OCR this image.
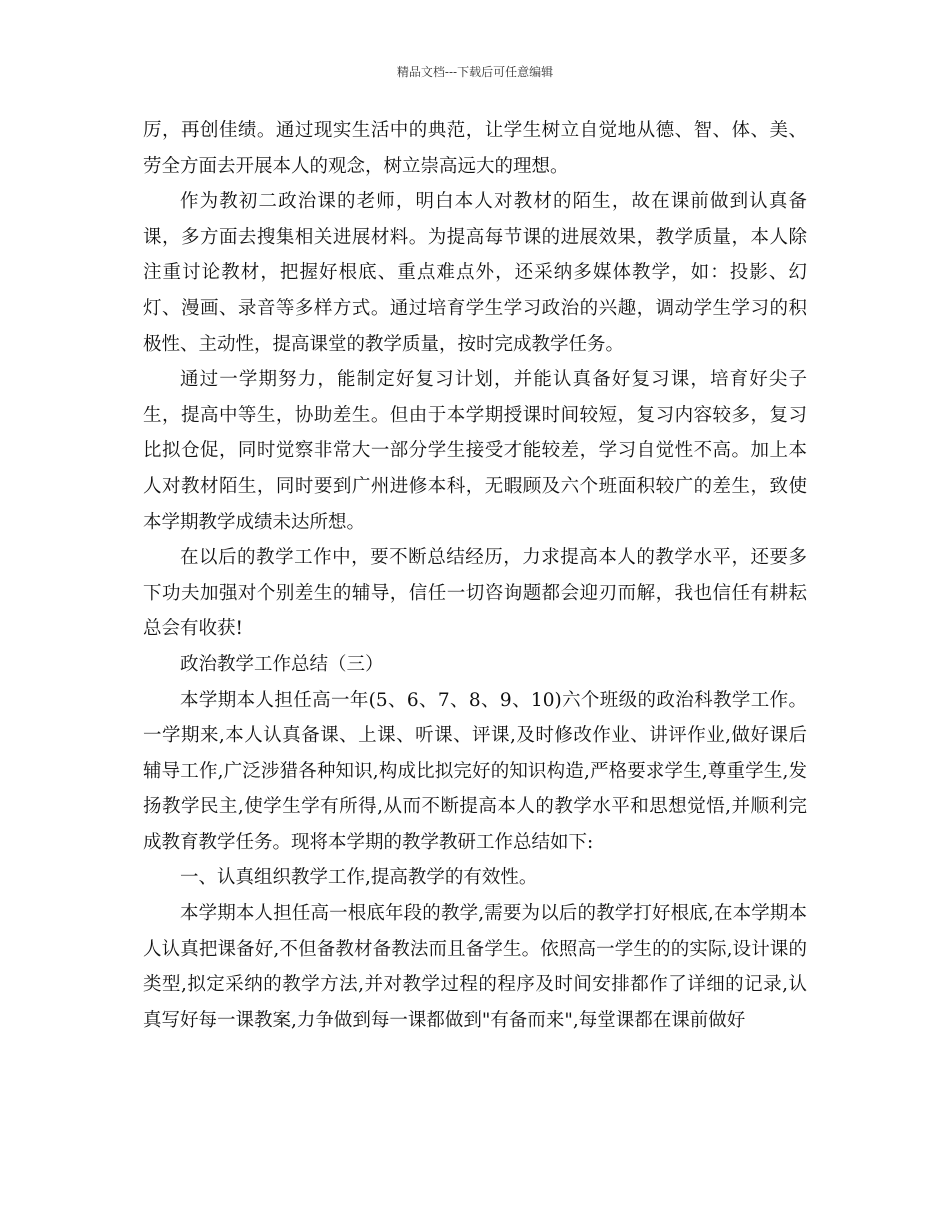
精品文档---下载后可任意编辑

厉，再创佳绩。通过现实生活中的典范，让学生树立自觉地从德、智、体、美、劳全方面去开展本人的观念，树立崇高远大的理想。

作为教初二政治课的老师，明白本人对教材的陌生，故在课前做到认真备课，多方面去搜集相关进展材料。为提高每节课的进展效果，教学质量，本人除注重讨论教材，把握好根底、重点难点外，还采纳多媒体教学，如：投影、幻灯、漫画、录音等多样方式。通过培育学生学习政治的兴趣，调动学生学习的积极性、主动性，提高课堂的教学质量，按时完成教学任务。

通过一学期努力，能制定好复习计划，并能认真备好复习课，培育好尖子生，提高中等生，协助差生。但由于本学期授课时间较短，复习内容较多，复习比拟仓促，同时觉察非常大一部分学生接受才能较差，学习自觉性不高。加上本人对教材陌生，同时要到广州进修本科，无暇顾及六个班面积较广的差生，致使本学期教学成绩未达所想。

在以后的教学工作中，要不断总结经历，力求提高本人的教学水平，还要多下功夫加强对个别差生的辅导，信任一切咨询题都会迎刃而解，我也信任有耕耘总会有收获!

政治教学工作总结（三）

本学期本人担任高一年(5、6、7、8、9、10)六个班级的政治科教学工作。一学期来,本人认真备课、上课、听课、评课,及时修改作业、讲评作业,做好课后辅导工作,广泛涉猎各种知识,构成比拟完好的知识构造,严格要求学生,尊重学生,发扬教学民主,使学生学有所得,从而不断提高本人的教学水平和思想觉悟,并顺利完成教育教学任务。现将本学期的教学教研工作总结如下:

一、认真组织教学工作,提高教学的有效性。

本学期本人担任高一根底年段的教学,需要为以后的教学打好根底,在本学期本人认真把课备好,不但备教材备教法而且备学生。依照高一学生的的实际,设计课的类型,拟定采纳的教学方法,并对教学过程的程序及时间安排都作了详细的记录,认真写好每一课教案,力争做到每一课都做到"有备而来",每堂课都在课前做好
